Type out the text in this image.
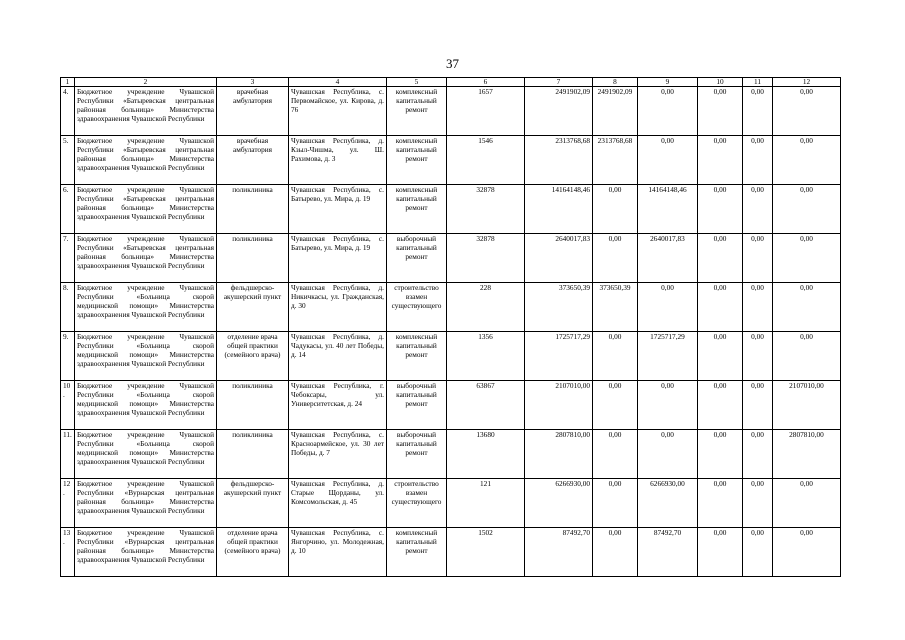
37
1	2	3	4	5	6	7	8	9	10	11	12
4.	Бюджетное учреждение Чувашской Республики «Батыревская центральная районная больница» Министерства здравоохранения Чувашской Республики	врачебная амбулатория	Чувашская Республика, с. Первомайское, ул. Кирова, д. 76	комплексный капитальный ремонт	1657	2491902,09	2491902,09	0,00	0,00	0,00	0,00
5.	Бюджетное учреждение Чувашской Республики «Батыревская центральная районная больница» Министерства здравоохранения Чувашской Республики	врачебная амбулатория	Чувашская Республика, д. Кзыл-Чишма, ул. Ш. Рахимова, д. 3	комплексный капитальный ремонт	1546	2313768,68	2313768,68	0,00	0,00	0,00	0,00
6.	Бюджетное учреждение Чувашской Республики «Батыревская центральная районная больница» Министерства здравоохранения Чувашской Республики	поликлиника	Чувашская Республика, с. Батырево, ул. Мира, д. 19	комплексный капитальный ремонт	32878	14164148,46	0,00	14164148,46	0,00	0,00	0,00
7.	Бюджетное учреждение Чувашской Республики «Батыревская центральная районная больница» Министерства здравоохранения Чувашской Республики	поликлиника	Чувашская Республика, с. Батырево, ул. Мира, д. 19	выборочный капитальный ремонт	32878	2640017,83	0,00	2640017,83	0,00	0,00	0,00
8.	Бюджетное учреждение Чувашской Республики «Больница скорой медицинской помощи» Министерства здравоохранения Чувашской Республики	фельдшерско-акушерский пункт	Чувашская Республика, д. Никичкасы, ул. Гражданская, д. 30	строительство взамен существующего	228	373650,39	373650,39	0,00	0,00	0,00	0,00
9.	Бюджетное учреждение Чувашской Республики «Больница скорой медицинской помощи» Министерства здравоохранения Чувашской Республики	отделение врача общей практики (семейного врача)	Чувашская Республика, д. Чадукасы, ул. 40 лет Победы, д. 14	комплексный капитальный ремонт	1356	1725717,29	0,00	1725717,29	0,00	0,00	0,00
10.	Бюджетное учреждение Чувашской Республики «Больница скорой медицинской помощи» Министерства здравоохранения Чувашской Республики	поликлиника	Чувашская Республика, г. Чебоксары, ул. Университетская, д. 24	выборочный капитальный ремонт	63867	2107010,00	0,00	0,00	0,00	0,00	2107010,00
11.	Бюджетное учреждение Чувашской Республики «Больница скорой медицинской помощи» Министерства здравоохранения Чувашской Республики	поликлиника	Чувашская Республика, с. Красноармейское, ул. 30 лет Победы, д. 7	выборочный капитальный ремонт	13680	2807810,00	0,00	0,00	0,00	0,00	2807810,00
12.	Бюджетное учреждение Чувашской Республики «Вурнарская центральная районная больница» Министерства здравоохранения Чувашской Республики	фельдшерско-акушерский пункт	Чувашская Республика, д. Старые Щорданы, ул. Комсомольская, д. 45	строительство взамен существующего	121	6266930,00	0,00	6266930,00	0,00	0,00	0,00
13.	Бюджетное учреждение Чувашской Республики «Вурнарская центральная районная больница» Министерства здравоохранения Чувашской Республики	отделение врача общей практики (семейного врача)	Чувашская Республика, с. Янгорчино, ул. Молодежная, д. 10	комплексный капитальный ремонт	1502	87492,70	0,00	87492,70	0,00	0,00	0,00
